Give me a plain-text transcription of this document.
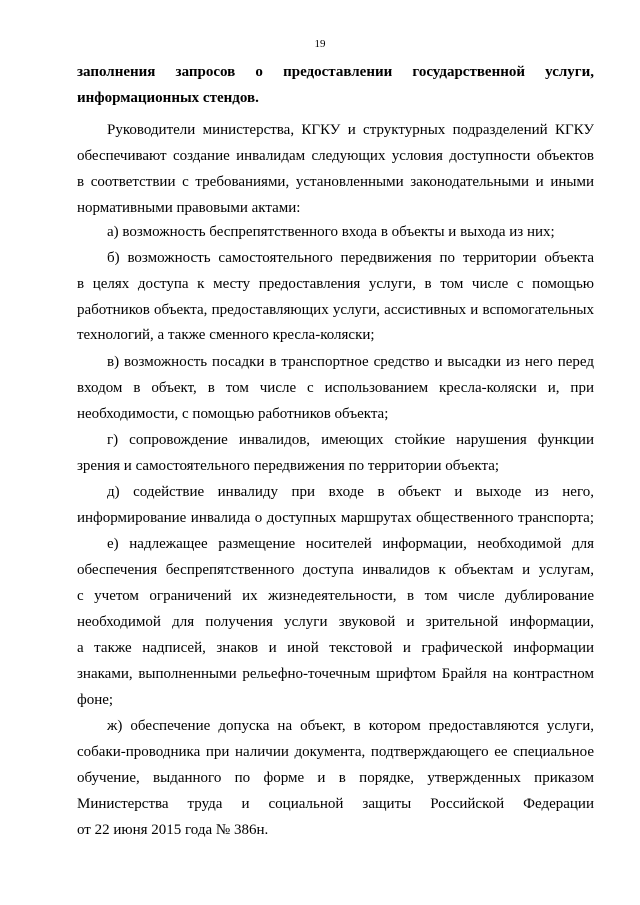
19
заполнения запросов о предоставлении государственной услуги,
информационных стендов.
Руководители министерства, КГКУ и структурных подразделений КГКУ
обеспечивают создание инвалидам следующих условия доступности объектов
в соответствии с требованиями, установленными законодательными и иными
нормативными правовыми актами:
а) возможность беспрепятственного входа в объекты и выхода из них;
б) возможность самостоятельного передвижения по территории объекта
в целях доступа к месту предоставления услуги, в том числе с помощью
работников объекта, предоставляющих услуги, ассистивных и вспомогательных
технологий, а также сменного кресла-коляски;
в) возможность посадки в транспортное средство и высадки из него перед
входом в объект, в том числе с использованием кресла-коляски и, при
необходимости, с помощью работников объекта;
г) сопровождение инвалидов, имеющих стойкие нарушения функции
зрения и самостоятельного передвижения по территории объекта;
д) содействие инвалиду при входе в объект и выходе из него,
информирование инвалида о доступных маршрутах общественного транспорта;
е) надлежащее размещение носителей информации, необходимой для
обеспечения беспрепятственного доступа инвалидов к объектам и услугам,
с учетом ограничений их жизнедеятельности, в том числе дублирование
необходимой для получения услуги звуковой и зрительной информации,
а также надписей, знаков и иной текстовой и графической информации
знаками, выполненными рельефно-точечным шрифтом Брайля на контрастном
фоне;
ж) обеспечение допуска на объект, в котором предоставляются услуги,
собаки-проводника при наличии документа, подтверждающего ее специальное
обучение, выданного по форме и в порядке, утвержденных приказом
Министерства труда и социальной защиты Российской Федерации
от 22 июня 2015 года № 386н.
